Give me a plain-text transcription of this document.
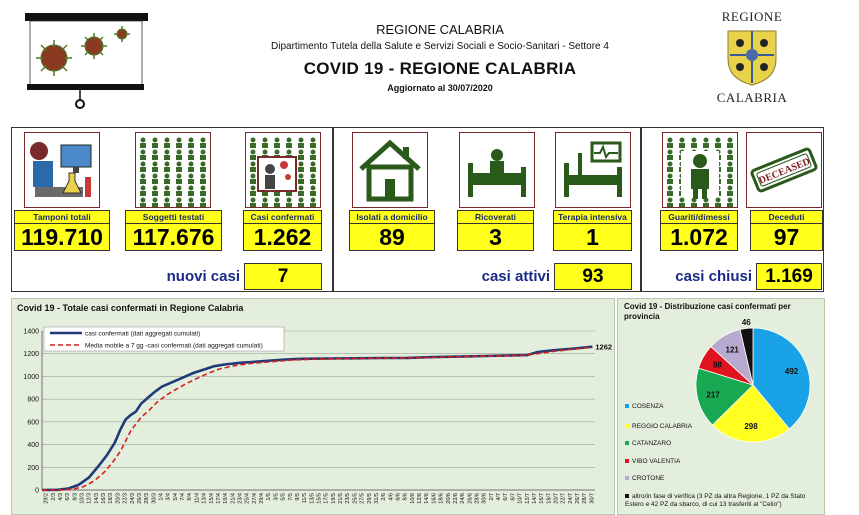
REGIONE CALABRIA
Dipartimento Tutela della Salute e Servizi Sociali e Socio-Sanitari - Settore 4
COVID 19 - REGIONE CALABRIA
Aggiornato al 30/07/2020
REGIONE
CALABRIA
DECEASED
Tamponi totali
119.710
Soggetti testati
117.676
Casi confermati
1.262
Isolati a domicilio
89
Ricoverati
3
Terapia intensiva
1
Guariti/dimessi
1.072
Deceduti
97
nuovi casi	7	casi attivi	93	casi chiusi 1.169
Covid 19 - Totale casi confermati in Regione Calabria
0
200
400
600
800
1000
1200
1400
29/2 2/3 4/3 6/3 8/3 10/3 12/3 14/3 16/3 18/3 20/3 22/3 24/3 26/3 28/3 30/3 1/4 3/4 5/4 7/4 9/4 11/4 13/4 15/4 17/4 19/4 21/4 23/4 25/4 27/4 29/4 1/5 3/5 5/5 7/5 9/5 11/5 13/5 15/5 17/5 19/5 21/5 23/5 25/5 27/5 29/5 31/5 2/6 4/6 6/6 8/6 10/6 12/6 14/6 16/6 18/6 20/6 22/6 24/6 26/6 28/6 30/6 2/7 4/7 6/7 8/7 10/7 12/7 14/7 16/7 18/7 20/7 22/7 24/7 26/7 28/7 30/7
1262
casi confermati (dati aggregati cumulati)
Media mobile a 7 gg -casi confermati (dati aggregati cumulati)
Covid 19 - Distribuzione casi confermati per provincia
492
298
217
88
121
46
COSENZA
REGGIO CALABRIA
CATANZARO
VIBO VALENTIA
CROTONE
altro/in fase di verifica (3 PZ da altra Regione, 1 PZ da Stato Estero e 42 PZ da sbarco, di cui 13 trasferiti al "Celio")
